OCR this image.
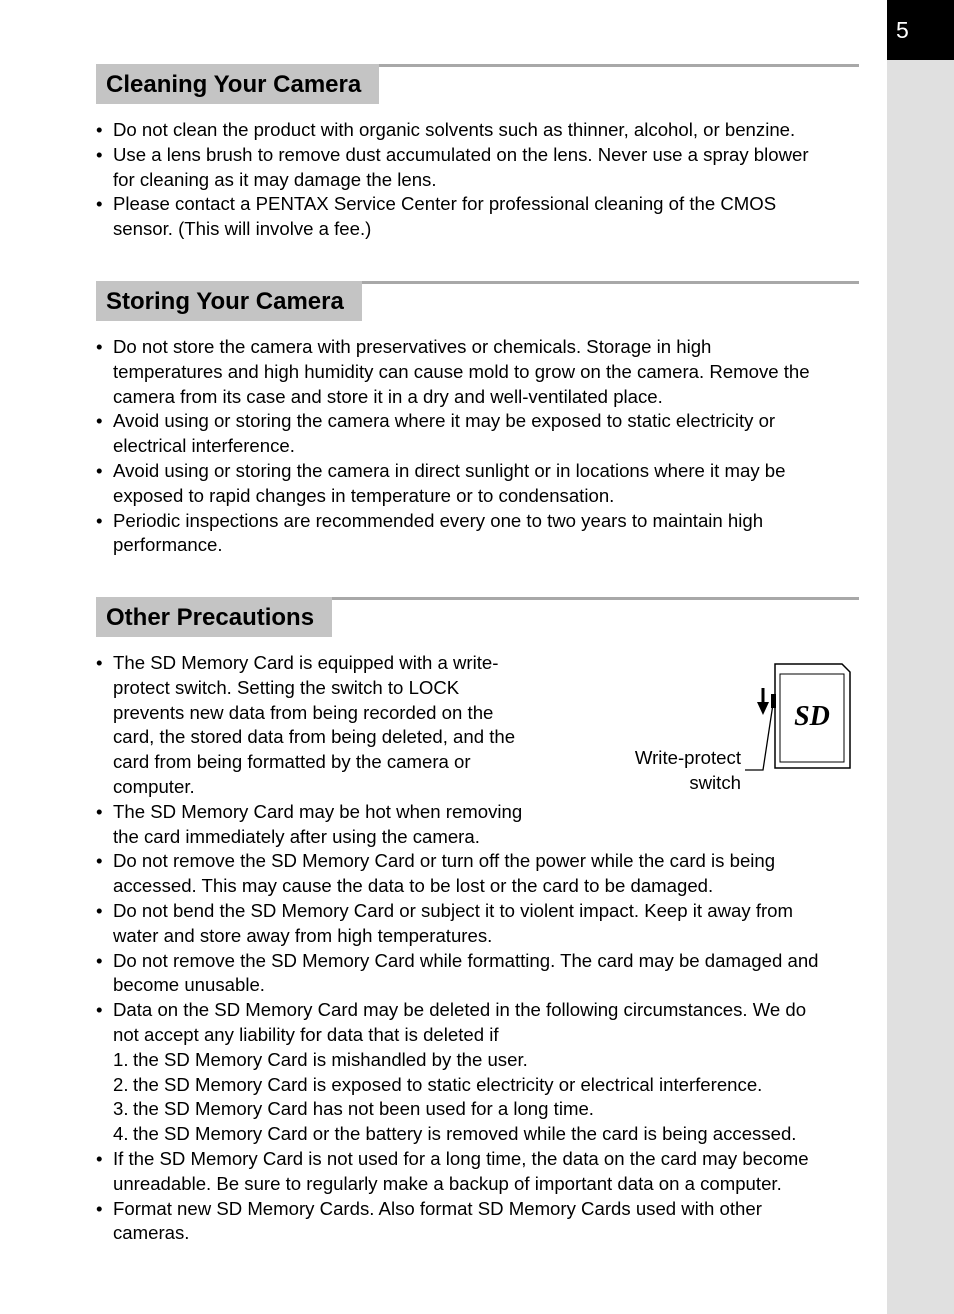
5
Cleaning Your Camera
• Do not clean the product with organic solvents such as thinner, alcohol, or benzine.
• Use a lens brush to remove dust accumulated on the lens. Never use a spray blower
for cleaning as it may damage the lens.
• Please contact a PENTAX Service Center for professional cleaning of the CMOS
sensor. (This will involve a fee.)
Storing Your Camera
• Do not store the camera with preservatives or chemicals. Storage in high
temperatures and high humidity can cause mold to grow on the camera. Remove the
camera from its case and store it in a dry and well-ventilated place.
• Avoid using or storing the camera where it may be exposed to static electricity or
electrical interference.
• Avoid using or storing the camera in direct sunlight or in locations where it may be
exposed to rapid changes in temperature or to condensation.
• Periodic inspections are recommended every one to two years to maintain high
performance.
Other Precautions
• The SD Memory Card is equipped with a write-
protect switch. Setting the switch to LOCK
prevents new data from being recorded on the
card, the stored data from being deleted, and the
card from being formatted by the camera or
computer.
• The SD Memory Card may be hot when removing
the card immediately after using the camera.
• Do not remove the SD Memory Card or turn off the power while the card is being
accessed. This may cause the data to be lost or the card to be damaged.
• Do not bend the SD Memory Card or subject it to violent impact. Keep it away from
water and store away from high temperatures.
• Do not remove the SD Memory Card while formatting. The card may be damaged and
become unusable.
• Data on the SD Memory Card may be deleted in the following circumstances. We do
not accept any liability for data that is deleted if
1. the SD Memory Card is mishandled by the user.
2. the SD Memory Card is exposed to static electricity or electrical interference.
3. the SD Memory Card has not been used for a long time.
4. the SD Memory Card or the battery is removed while the card is being accessed.
• If the SD Memory Card is not used for a long time, the data on the card may become
unreadable. Be sure to regularly make a backup of important data on a computer.
• Format new SD Memory Cards. Also format SD Memory Cards used with other
cameras.
SD
Write-protect
switch
